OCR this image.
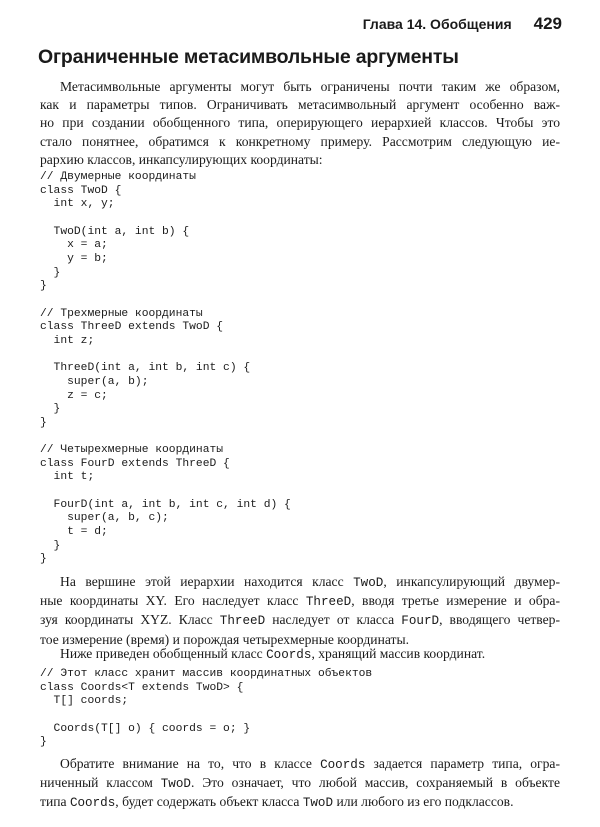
Глава 14. Обобщения 429
Ограниченные метасимвольные аргументы

Метасимвольные аргументы могут быть ограничены почти таким же образом,
как и параметры типов. Ограничивать метасимвольный аргумент особенно важ-
но при создании обобщенного типа, оперирующего иерархией классов. Чтобы это
стало понятнее, обратимся к конкретному примеру. Рассмотрим следующую ие-
рархию классов, инкапсулирующих координаты:

// Двумерные координаты
class TwoD {
int x, y;

TwoD(int a, int b) {
x = a;
y = b;
}
}

// Трехмерные координаты
class ThreeD extends TwoD {
int z;

ThreeD(int a, int b, int c) {
super(a, b);
z = c;
}
}

// Четырехмерные координаты
class FourD extends ThreeD {
int t;

FourD(int a, int b, int c, int d) {
super(a, b, c);
t = d;
}
}

На вершине этой иерархии находится класс TwoD, инкапсулирующий двумер-
ные координаты XY. Его наследует класс ThreeD, вводя третье измерение и обра-
зуя координаты XYZ. Класс ThreeD наследует от класса FourD, вводящего четвер-
тое измерение (время) и порождая четырехмерные координаты.

Ниже приведен обобщенный класс Coords, хранящий массив координат.

// Этот класс хранит массив координатных объектов
class Coords<T extends TwoD> {
T[] coords;

Coords(T[] o) { coords = o; }
}

Обратите внимание на то, что в классе Coords задается параметр типа, огра-
ниченный классом TwoD. Это означает, что любой массив, сохраняемый в объекте
типа Coords, будет содержать объект класса TwoD или любого из его подклассов.
